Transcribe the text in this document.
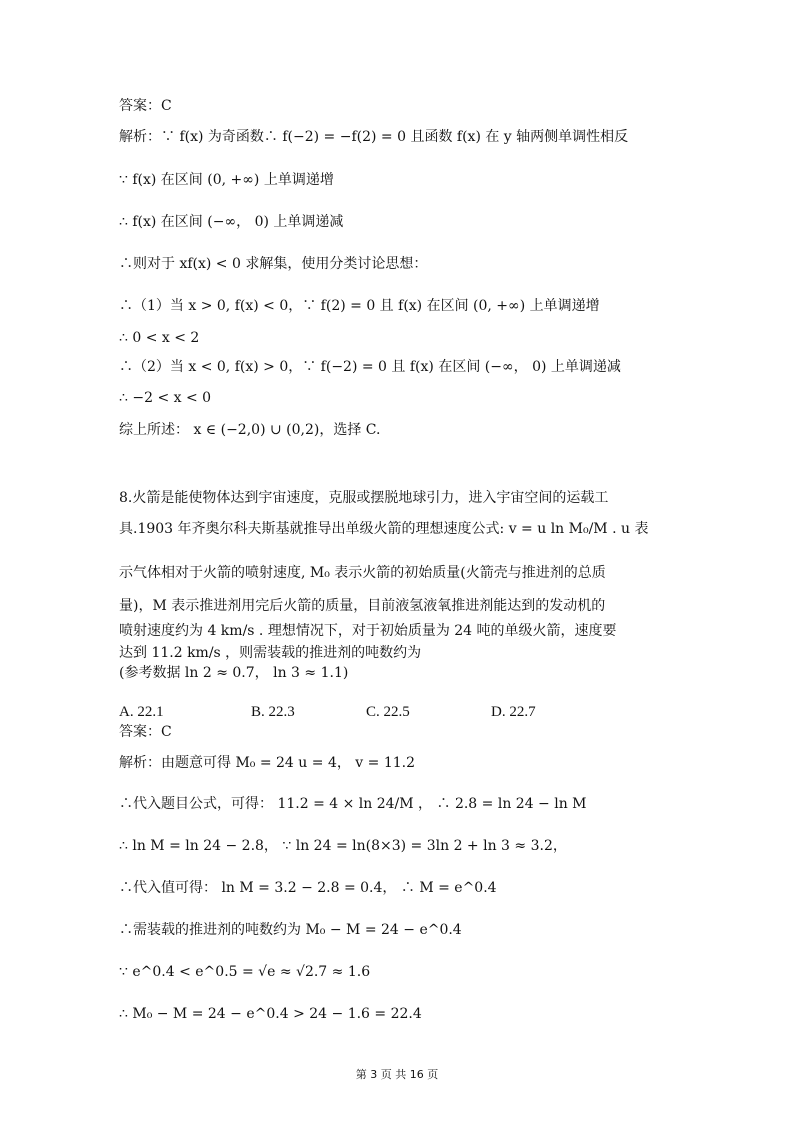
答案：C
解析：∵ f(x) 为奇函数∴ f(−2) = −f(2) = 0 且函数 f(x) 在 y 轴两侧单调性相反
∵ f(x) 在区间 (0, +∞) 上单调递增
∴ f(x) 在区间 (−∞， 0) 上单调递减
∴则对于 xf(x) < 0 求解集，使用分类讨论思想：
∴（1）当 x > 0, f(x) < 0，∵ f(2) = 0 且 f(x) 在区间 (0, +∞) 上单调递增
∴ 0 < x < 2
∴（2）当 x < 0, f(x) > 0，∵ f(−2) = 0 且 f(x) 在区间 (−∞， 0) 上单调递减
∴ −2 < x < 0
综上所述： x ∈ (−2,0) ∪ (0,2)，选择 C.
8.火箭是能使物体达到宇宙速度，克服或摆脱地球引力，进入宇宙空间的运载工
具.1903 年齐奥尔科夫斯基就推导出单级火箭的理想速度公式: v = u ln M₀/M . u 表
示气体相对于火箭的喷射速度, M₀ 表示火箭的初始质量(火箭壳与推进剂的总质
量)，M 表示推进剂用完后火箭的质量，目前液氢液氧推进剂能达到的发动机的
喷射速度约为 4 km/s . 理想情况下，对于初始质量为 24 吨的单级火箭，速度要
达到 11.2 km/s ，则需装载的推进剂的吨数约为
(参考数据 ln 2 ≈ 0.7， ln 3 ≈ 1.1)
A. 22.1	B. 22.3	C. 22.5	D. 22.7
答案：C
解析：由题意可得 M₀ = 24 u = 4， v = 11.2
∴代入题目公式，可得： 11.2 = 4 × ln 24/M ， ∴ 2.8 = ln 24 − ln M
∴ ln M = ln 24 − 2.8， ∵ ln 24 = ln(8×3) = 3ln 2 + ln 3 ≈ 3.2，
∴代入值可得： ln M = 3.2 − 2.8 = 0.4， ∴ M = e^0.4
∴需装载的推进剂的吨数约为 M₀ − M = 24 − e^0.4
∵ e^0.4 < e^0.5 = √e ≈ √2.7 ≈ 1.6
∴ M₀ − M = 24 − e^0.4 > 24 − 1.6 = 22.4
第 3 页 共 16 页
